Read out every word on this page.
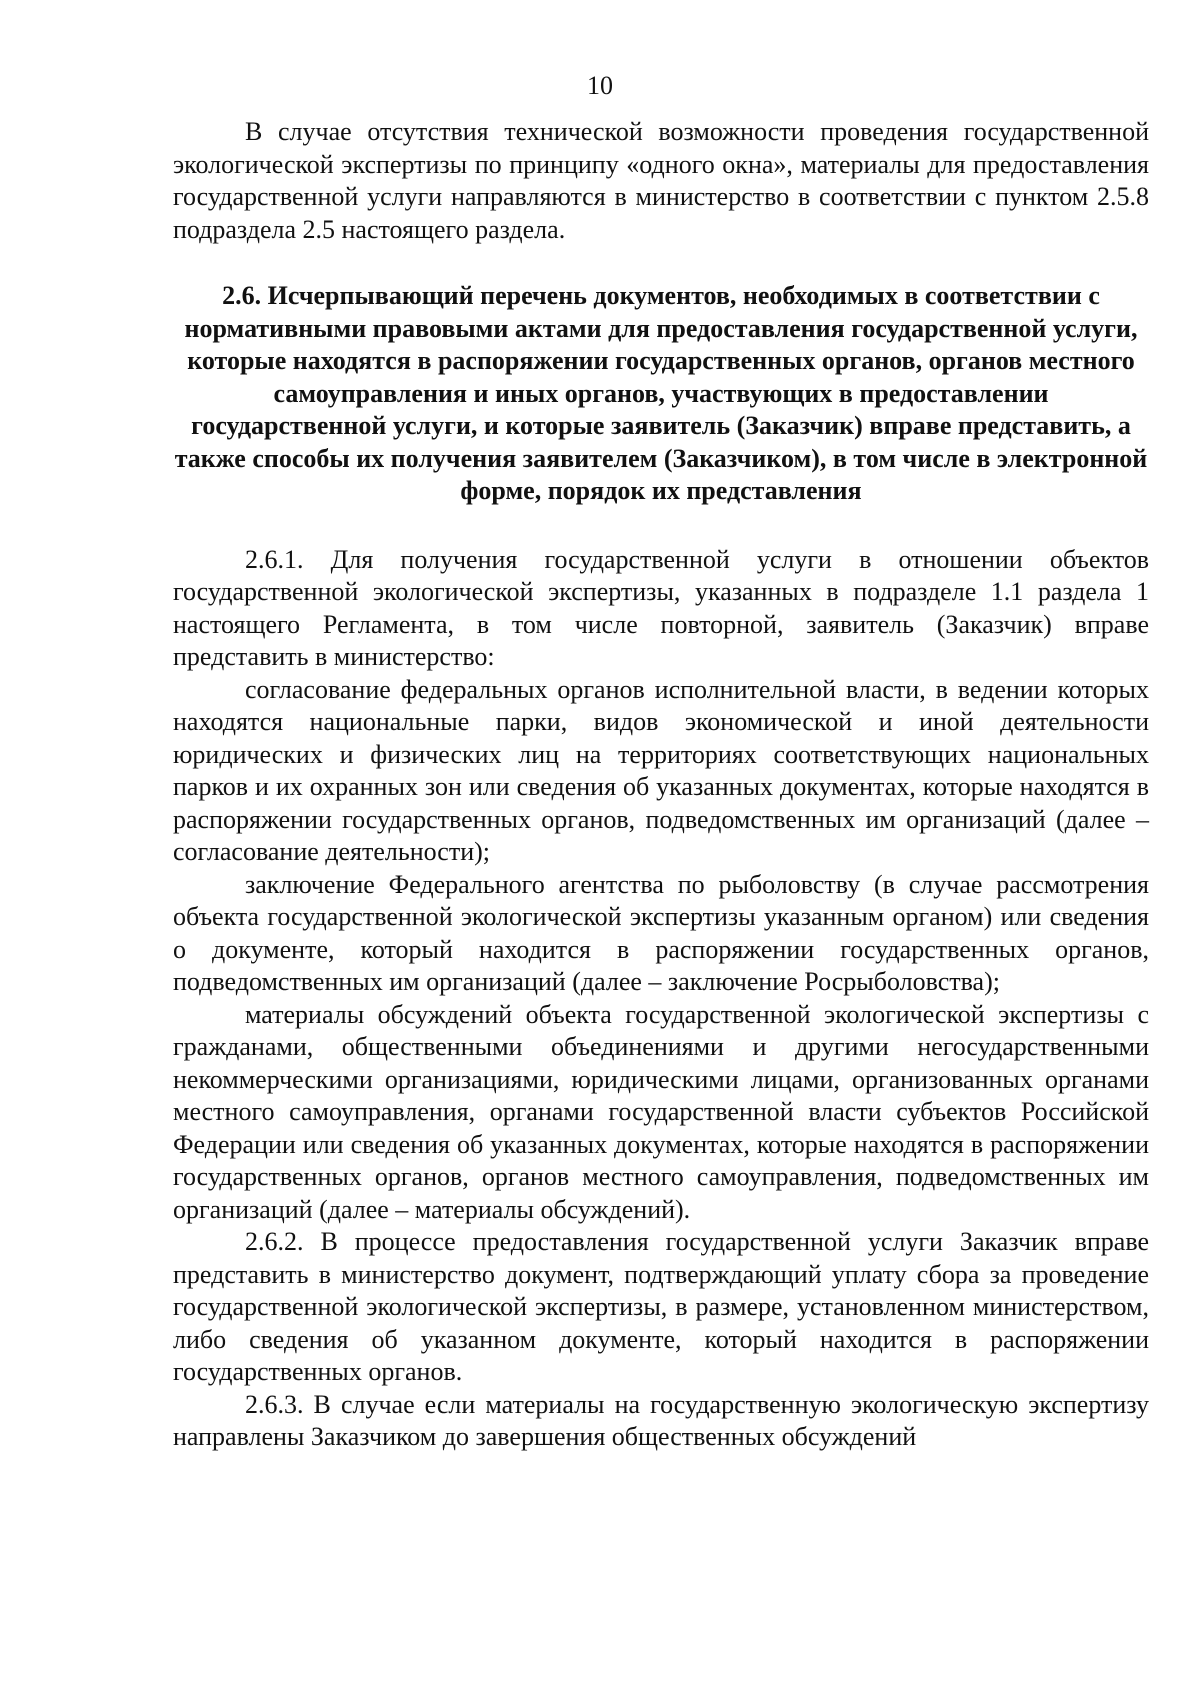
10

В случае отсутствия технической возможности проведения государственной экологической экспертизы по принципу «одного окна», материалы для предоставления государственной услуги направляются в министерство в соответствии с пунктом 2.5.8 подраздела 2.5 настоящего раздела.

2.6. Исчерпывающий перечень документов, необходимых в соответствии с нормативными правовыми актами для предоставления государственной услуги, которые находятся в распоряжении государственных органов, органов местного самоуправления и иных органов, участвующих в предоставлении государственной услуги, и которые заявитель (Заказчик) вправе представить, а также способы их получения заявителем (Заказчиком), в том числе в электронной форме, порядок их представления

2.6.1. Для получения государственной услуги в отношении объектов государственной экологической экспертизы, указанных в подразделе 1.1 раздела 1 настоящего Регламента, в том числе повторной, заявитель (Заказчик) вправе представить в министерство:

согласование федеральных органов исполнительной власти, в ведении которых находятся национальные парки, видов экономической и иной деятельности юридических и физических лиц на территориях соответствующих национальных парков и их охранных зон или сведения об указанных документах, которые находятся в распоряжении государственных органов, подведомственных им организаций (далее – согласование деятельности);

заключение Федерального агентства по рыболовству (в случае рассмотрения объекта государственной экологической экспертизы указанным органом) или сведения о документе, который находится в распоряжении государственных органов, подведомственных им организаций (далее – заключение Росрыболовства);

материалы обсуждений объекта государственной экологической экспертизы с гражданами, общественными объединениями и другими негосударственными некоммерческими организациями, юридическими лицами, организованных органами местного самоуправления, органами государственной власти субъектов Российской Федерации или сведения об указанных документах, которые находятся в распоряжении государственных органов, органов местного самоуправления, подведомственных им организаций (далее – материалы обсуждений).

2.6.2. В процессе предоставления государственной услуги Заказчик вправе представить в министерство документ, подтверждающий уплату сбора за проведение государственной экологической экспертизы, в размере, установленном министерством, либо сведения об указанном документе, который находится в распоряжении государственных органов.

2.6.3. В случае если материалы на государственную экологическую экспертизу направлены Заказчиком до завершения общественных обсуждений
